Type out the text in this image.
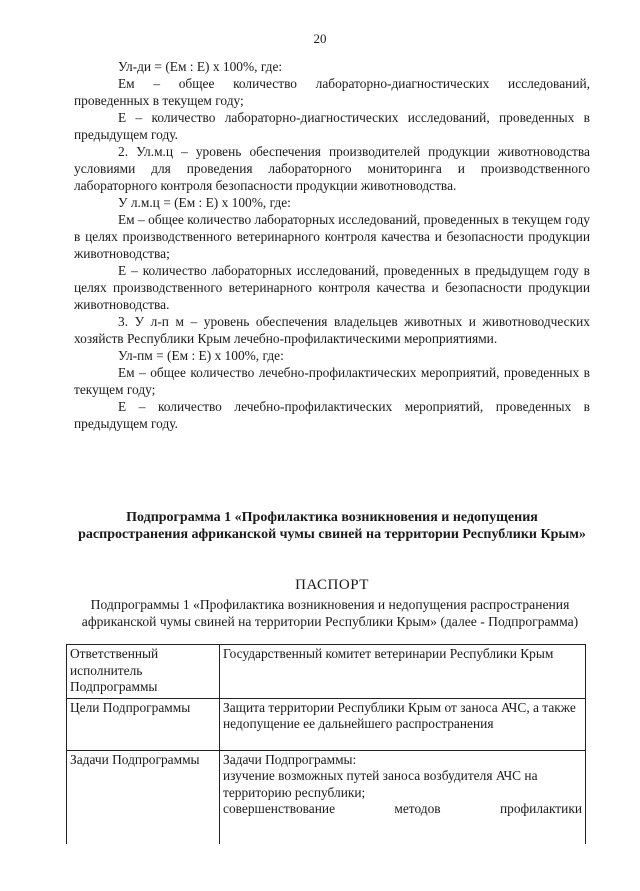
20

Ул-ди = (Ем : Е) х 100%, где:

Ем – общее количество лабораторно-диагностических исследований, проведенных в текущем году;

Е – количество лабораторно-диагностических исследований, проведенных в предыдущем году.

2. Ул.м.ц – уровень обеспечения производителей продукции животноводства условиями для проведения лабораторного мониторинга и производственного лабораторного контроля безопасности продукции животноводства.

У л.м.ц = (Ем : Е) х 100%, где:

Ем – общее количество лабораторных исследований, проведенных в текущем году в целях производственного ветеринарного контроля качества и безопасности продукции животноводства;

Е – количество лабораторных исследований, проведенных в предыдущем году в целях производственного ветеринарного контроля качества и безопасности продукции животноводства.

3. У л-п м – уровень обеспечения владельцев животных и животноводческих хозяйств Республики Крым лечебно-профилактическими мероприятиями.

Ул-пм = (Ем : Е) х 100%, где:

Ем – общее количество лечебно-профилактических мероприятий, проведенных в текущем году;

Е – количество лечебно-профилактических мероприятий, проведенных в предыдущем году.

Подпрограмма 1 «Профилактика возникновения и недопущения распространения африканской чумы свиней на территории Республики Крым»
ПАСПОРТ
Подпрограммы 1 «Профилактика возникновения и недопущения распространения африканской чумы свиней на территории Республики Крым» (далее - Подпрограмма)
Ответственный исполнитель Подпрограммы	Государственный комитет ветеринарии Республики Крым
Цели Подпрограммы	Защита территории Республики Крым от заноса АЧС, а также недопущение ее дальнейшего распространения
Задачи Подпрограммы	Задачи Подпрограммы:
изучение возможных путей заноса возбудителя АЧС на территорию республики;
совершенствование методов профилактики
